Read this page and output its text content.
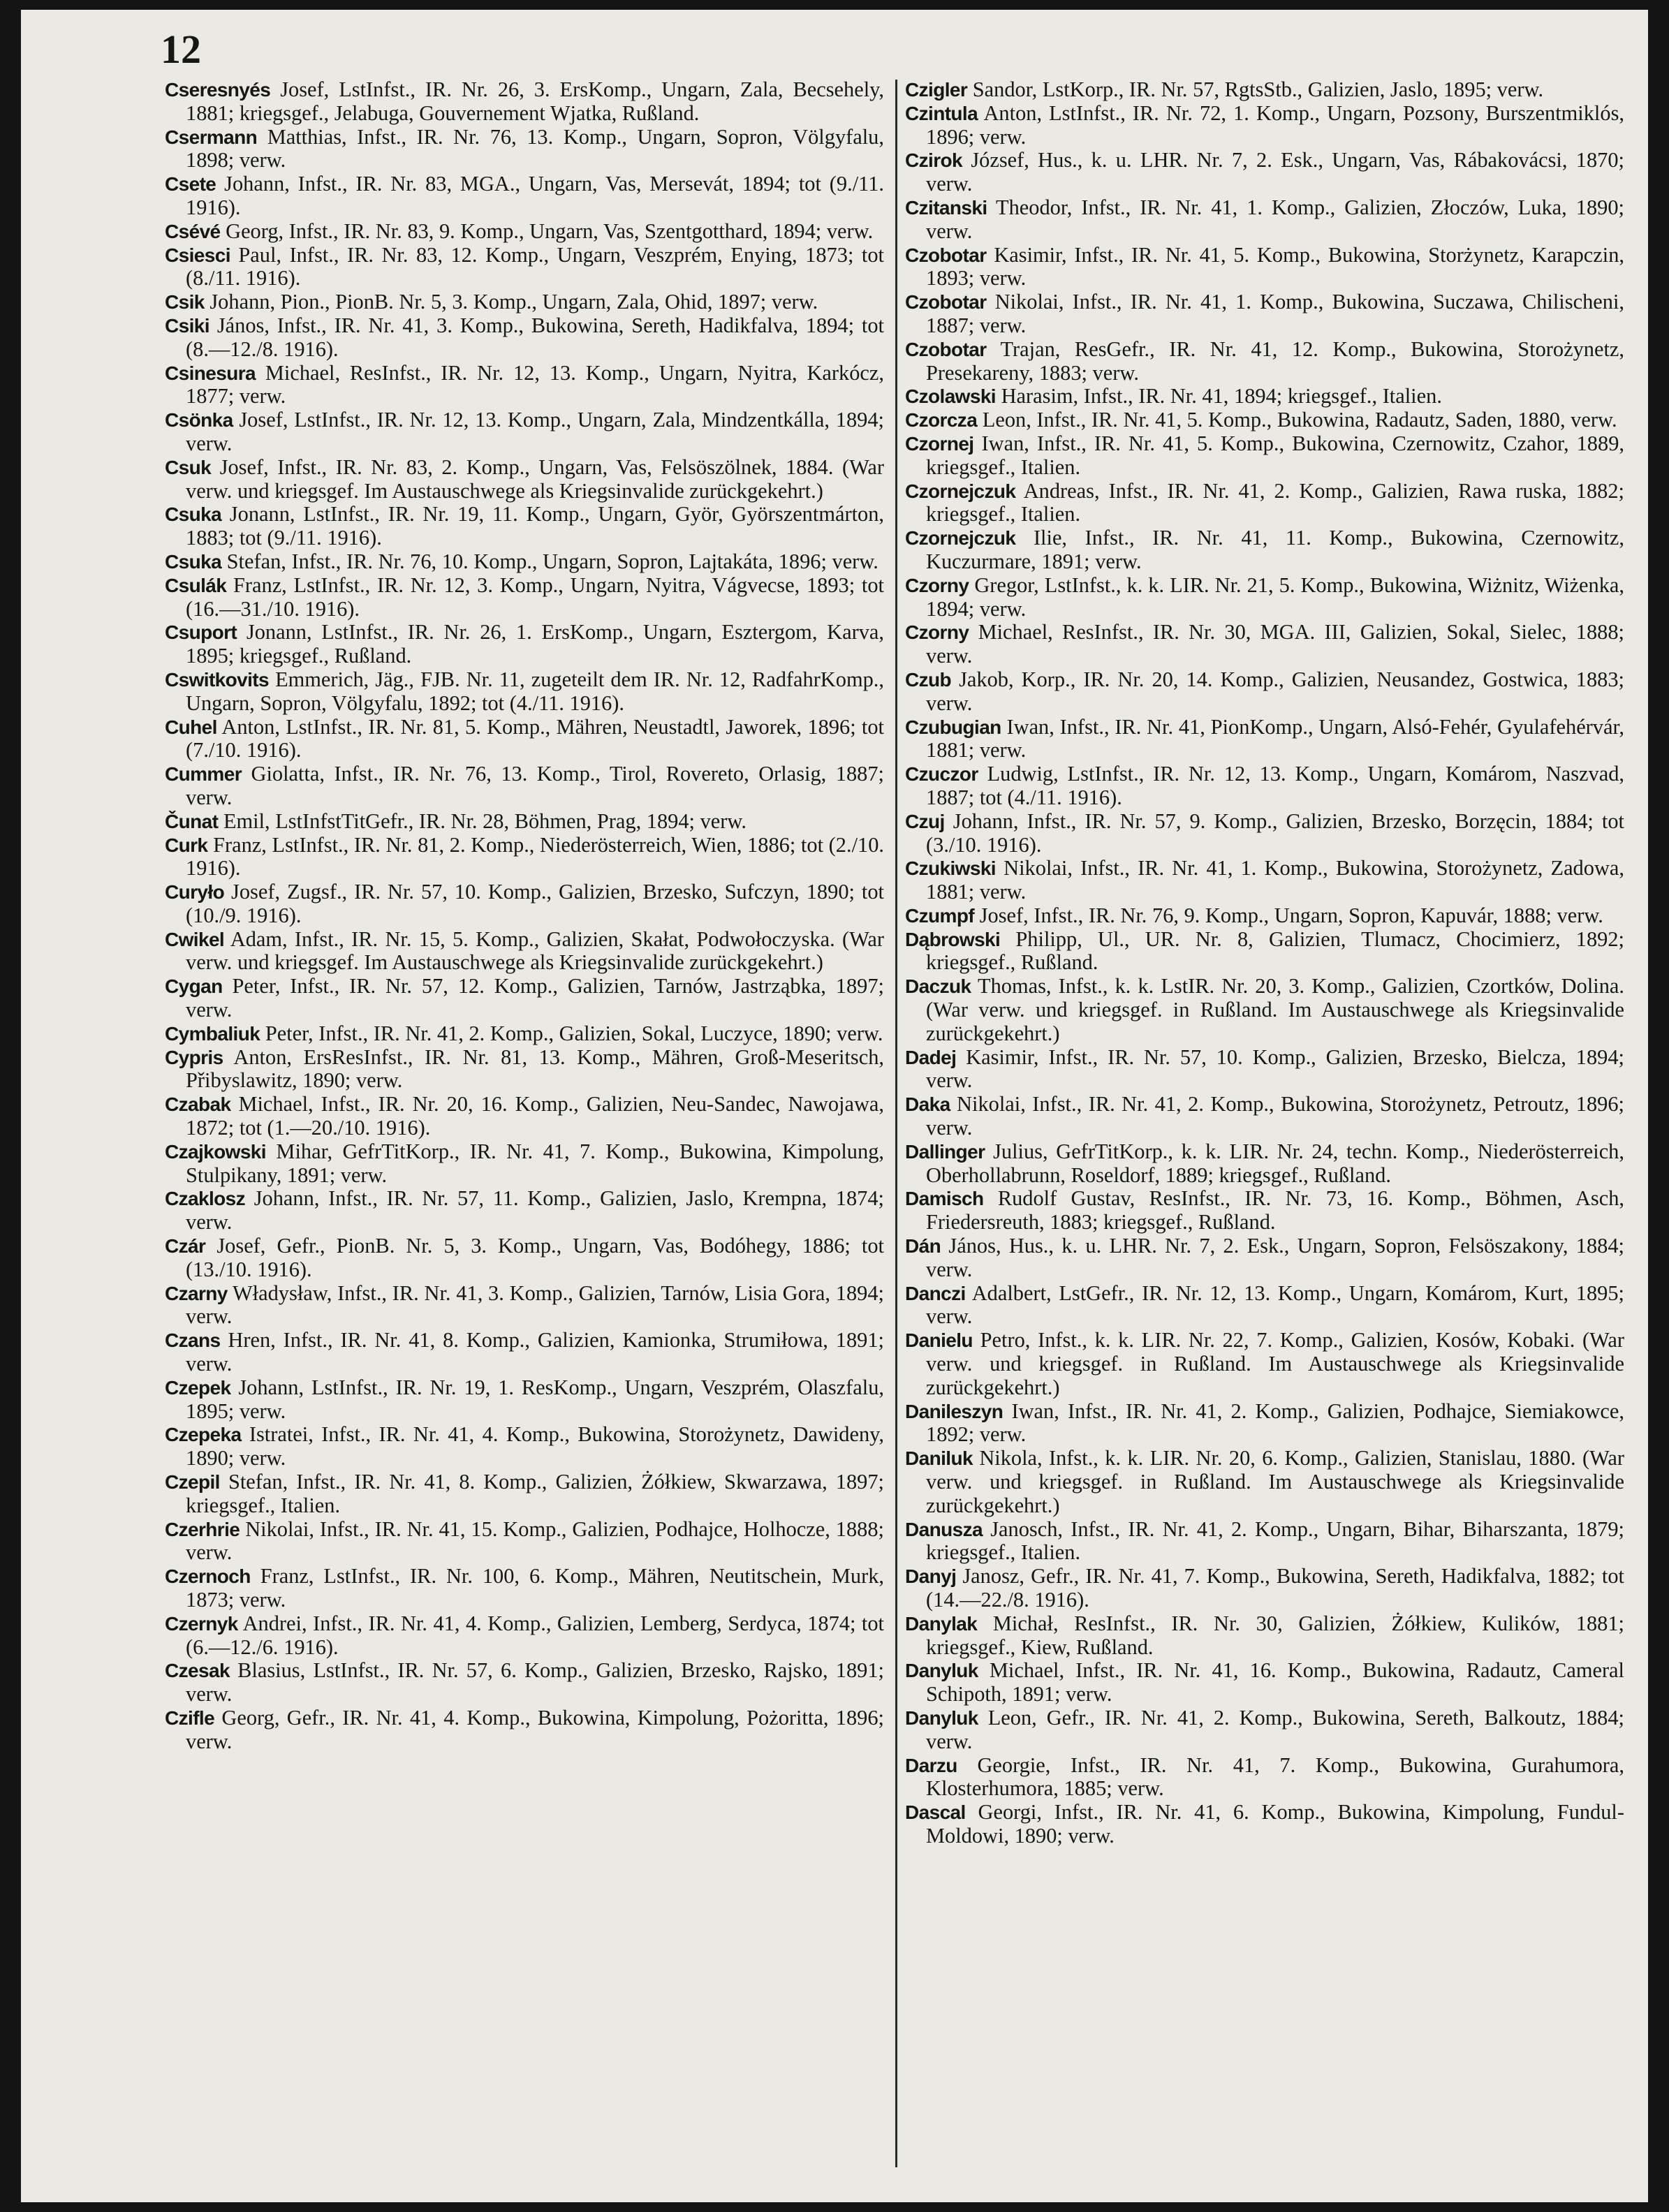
12

Cseresnyés Josef, LstInfst., IR. Nr. 26, 3. ErsKomp., Ungarn, Zala, Becsehely, 1881; kriegsgef., Jelabuga, Gouvernement Wjatka, Rußland.

Csermann Matthias, Infst., IR. Nr. 76, 13. Komp., Ungarn, Sopron, Völgyfalu, 1898; verw.

Csete Johann, Infst., IR. Nr. 83, MGA., Ungarn, Vas, Mersevát, 1894; tot (9./11. 1916).

Csévé Georg, Infst., IR. Nr. 83, 9. Komp., Ungarn, Vas, Szentgotthard, 1894; verw.

Csiesci Paul, Infst., IR. Nr. 83, 12. Komp., Ungarn, Veszprém, Enying, 1873; tot (8./11. 1916).

Csik Johann, Pion., PionB. Nr. 5, 3. Komp., Ungarn, Zala, Ohid, 1897; verw.

Csiki János, Infst., IR. Nr. 41, 3. Komp., Bukowina, Sereth, Hadikfalva, 1894; tot (8.—12./8. 1916).

Csinesura Michael, ResInfst., IR. Nr. 12, 13. Komp., Ungarn, Nyitra, Karkócz, 1877; verw.

Csönka Josef, LstInfst., IR. Nr. 12, 13. Komp., Ungarn, Zala, Mindzentkálla, 1894; verw.

Csuk Josef, Infst., IR. Nr. 83, 2. Komp., Ungarn, Vas, Felsöszölnek, 1884. (War verw. und kriegsgef. Im Austauschwege als Kriegsinvalide zurückgekehrt.)

Csuka Jonann, LstInfst., IR. Nr. 19, 11. Komp., Ungarn, Györ, Györszentmárton, 1883; tot (9./11. 1916).

Csuka Stefan, Infst., IR. Nr. 76, 10. Komp., Ungarn, Sopron, Lajtakáta, 1896; verw.

Csulák Franz, LstInfst., IR. Nr. 12, 3. Komp., Ungarn, Nyitra, Vágvecse, 1893; tot (16.—31./10. 1916).

Csuport Jonann, LstInfst., IR. Nr. 26, 1. ErsKomp., Ungarn, Esztergom, Karva, 1895; kriegsgef., Rußland.

Cswitkovits Emmerich, Jäg., FJB. Nr. 11, zugeteilt dem IR. Nr. 12, RadfahrKomp., Ungarn, Sopron, Völgyfalu, 1892; tot (4./11. 1916).

Cuhel Anton, LstInfst., IR. Nr. 81, 5. Komp., Mähren, Neustadtl, Jaworek, 1896; tot (7./10. 1916).

Cummer Giolatta, Infst., IR. Nr. 76, 13. Komp., Tirol, Rovereto, Orlasig, 1887; verw.

Čunat Emil, LstInfstTitGefr., IR. Nr. 28, Böhmen, Prag, 1894; verw.

Curk Franz, LstInfst., IR. Nr. 81, 2. Komp., Niederösterreich, Wien, 1886; tot (2./10. 1916).

Curyło Josef, Zugsf., IR. Nr. 57, 10. Komp., Galizien, Brzesko, Sufczyn, 1890; tot (10./9. 1916).

Cwikel Adam, Infst., IR. Nr. 15, 5. Komp., Galizien, Skałat, Podwołoczyska. (War verw. und kriegsgef. Im Austauschwege als Kriegsinvalide zurückgekehrt.)

Cygan Peter, Infst., IR. Nr. 57, 12. Komp., Galizien, Tarnów, Jastrząbka, 1897; verw.

Cymbaliuk Peter, Infst., IR. Nr. 41, 2. Komp., Galizien, Sokal, Luczyce, 1890; verw.

Cypris Anton, ErsResInfst., IR. Nr. 81, 13. Komp., Mähren, Groß-Meseritsch, Přibyslawitz, 1890; verw.

Czabak Michael, Infst., IR. Nr. 20, 16. Komp., Galizien, Neu-Sandec, Nawojawa, 1872; tot (1.—20./10. 1916).

Czajkowski Mihar, GefrTitKorp., IR. Nr. 41, 7. Komp., Bukowina, Kimpolung, Stulpikany, 1891; verw.

Czaklosz Johann, Infst., IR. Nr. 57, 11. Komp., Galizien, Jaslo, Krempna, 1874; verw.

Czár Josef, Gefr., PionB. Nr. 5, 3. Komp., Ungarn, Vas, Bodóhegy, 1886; tot (13./10. 1916).

Czarny Władysław, Infst., IR. Nr. 41, 3. Komp., Galizien, Tarnów, Lisia Gora, 1894; verw.

Czans Hren, Infst., IR. Nr. 41, 8. Komp., Galizien, Kamionka, Strumiłowa, 1891; verw.

Czepek Johann, LstInfst., IR. Nr. 19, 1. ResKomp., Ungarn, Veszprém, Olaszfalu, 1895; verw.

Czepeka Istratei, Infst., IR. Nr. 41, 4. Komp., Bukowina, Storożynetz, Dawideny, 1890; verw.

Czepil Stefan, Infst., IR. Nr. 41, 8. Komp., Galizien, Żółkiew, Skwarzawa, 1897; kriegsgef., Italien.

Czerhrie Nikolai, Infst., IR. Nr. 41, 15. Komp., Galizien, Podhajce, Holhocze, 1888; verw.

Czernoch Franz, LstInfst., IR. Nr. 100, 6. Komp., Mähren, Neutitschein, Murk, 1873; verw.

Czernyk Andrei, Infst., IR. Nr. 41, 4. Komp., Galizien, Lemberg, Serdyca, 1874; tot (6.—12./6. 1916).

Czesak Blasius, LstInfst., IR. Nr. 57, 6. Komp., Galizien, Brzesko, Rajsko, 1891; verw.

Czifle Georg, Gefr., IR. Nr. 41, 4. Komp., Bukowina, Kimpolung, Pożoritta, 1896; verw.

Czigler Sandor, LstKorp., IR. Nr. 57, RgtsStb., Galizien, Jaslo, 1895; verw.

Czintula Anton, LstInfst., IR. Nr. 72, 1. Komp., Ungarn, Pozsony, Burszentmiklós, 1896; verw.

Czirok József, Hus., k. u. LHR. Nr. 7, 2. Esk., Ungarn, Vas, Rábakovácsi, 1870; verw.

Czitanski Theodor, Infst., IR. Nr. 41, 1. Komp., Galizien, Złoczów, Luka, 1890; verw.

Czobotar Kasimir, Infst., IR. Nr. 41, 5. Komp., Bukowina, Storżynetz, Karapczin, 1893; verw.

Czobotar Nikolai, Infst., IR. Nr. 41, 1. Komp., Bukowina, Suczawa, Chilischeni, 1887; verw.

Czobotar Trajan, ResGefr., IR. Nr. 41, 12. Komp., Bukowina, Storożynetz, Presekareny, 1883; verw.

Czolawski Harasim, Infst., IR. Nr. 41, 1894; kriegsgef., Italien.

Czorcza Leon, Infst., IR. Nr. 41, 5. Komp., Bukowina, Radautz, Saden, 1880, verw.

Czornej Iwan, Infst., IR. Nr. 41, 5. Komp., Bukowina, Czernowitz, Czahor, 1889, kriegsgef., Italien.

Czornejczuk Andreas, Infst., IR. Nr. 41, 2. Komp., Galizien, Rawa ruska, 1882; kriegsgef., Italien.

Czornejczuk Ilie, Infst., IR. Nr. 41, 11. Komp., Bukowina, Czernowitz, Kuczurmare, 1891; verw.

Czorny Gregor, LstInfst., k. k. LIR. Nr. 21, 5. Komp., Bukowina, Wiżnitz, Wiżenka, 1894; verw.

Czorny Michael, ResInfst., IR. Nr. 30, MGA. III, Galizien, Sokal, Sielec, 1888; verw.

Czub Jakob, Korp., IR. Nr. 20, 14. Komp., Galizien, Neusandez, Gostwica, 1883; verw.

Czubugian Iwan, Infst., IR. Nr. 41, PionKomp., Ungarn, Alsó-Fehér, Gyulafehérvár, 1881; verw.

Czuczor Ludwig, LstInfst., IR. Nr. 12, 13. Komp., Ungarn, Komárom, Naszvad, 1887; tot (4./11. 1916).

Czuj Johann, Infst., IR. Nr. 57, 9. Komp., Galizien, Brzesko, Borzęcin, 1884; tot (3./10. 1916).

Czukiwski Nikolai, Infst., IR. Nr. 41, 1. Komp., Bukowina, Storożynetz, Zadowa, 1881; verw.

Czumpf Josef, Infst., IR. Nr. 76, 9. Komp., Ungarn, Sopron, Kapuvár, 1888; verw.

Dąbrowski Philipp, Ul., UR. Nr. 8, Galizien, Tlumacz, Chocimierz, 1892; kriegsgef., Rußland.

Daczuk Thomas, Infst., k. k. LstIR. Nr. 20, 3. Komp., Galizien, Czortków, Dolina. (War verw. und kriegsgef. in Rußland. Im Austauschwege als Kriegsinvalide zurückgekehrt.)

Dadej Kasimir, Infst., IR. Nr. 57, 10. Komp., Galizien, Brzesko, Bielcza, 1894; verw.

Daka Nikolai, Infst., IR. Nr. 41, 2. Komp., Bukowina, Storożynetz, Petroutz, 1896; verw.

Dallinger Julius, GefrTitKorp., k. k. LIR. Nr. 24, techn. Komp., Niederösterreich, Oberhollabrunn, Roseldorf, 1889; kriegsgef., Rußland.

Damisch Rudolf Gustav, ResInfst., IR. Nr. 73, 16. Komp., Böhmen, Asch, Friedersreuth, 1883; kriegsgef., Rußland.

Dán János, Hus., k. u. LHR. Nr. 7, 2. Esk., Ungarn, Sopron, Felsöszakony, 1884; verw.

Danczi Adalbert, LstGefr., IR. Nr. 12, 13. Komp., Ungarn, Komárom, Kurt, 1895; verw.

Danielu Petro, Infst., k. k. LIR. Nr. 22, 7. Komp., Galizien, Kosów, Kobaki. (War verw. und kriegsgef. in Rußland. Im Austauschwege als Kriegsinvalide zurückgekehrt.)

Danileszyn Iwan, Infst., IR. Nr. 41, 2. Komp., Galizien, Podhajce, Siemiakowce, 1892; verw.

Daniluk Nikola, Infst., k. k. LIR. Nr. 20, 6. Komp., Galizien, Stanislau, 1880. (War verw. und kriegsgef. in Rußland. Im Austauschwege als Kriegsinvalide zurückgekehrt.)

Danusza Janosch, Infst., IR. Nr. 41, 2. Komp., Ungarn, Bihar, Biharszanta, 1879; kriegsgef., Italien.

Danyj Janosz, Gefr., IR. Nr. 41, 7. Komp., Bukowina, Sereth, Hadikfalva, 1882; tot (14.—22./8. 1916).

Danylak Michał, ResInfst., IR. Nr. 30, Galizien, Żółkiew, Kulików, 1881; kriegsgef., Kiew, Rußland.

Danyluk Michael, Infst., IR. Nr. 41, 16. Komp., Bukowina, Radautz, Cameral Schipoth, 1891; verw.

Danyluk Leon, Gefr., IR. Nr. 41, 2. Komp., Bukowina, Sereth, Balkoutz, 1884; verw.

Darzu Georgie, Infst., IR. Nr. 41, 7. Komp., Bukowina, Gurahumora, Klosterhumora, 1885; verw.

Dascal Georgi, Infst., IR. Nr. 41, 6. Komp., Bukowina, Kimpolung, Fundul-Moldowi, 1890; verw.
